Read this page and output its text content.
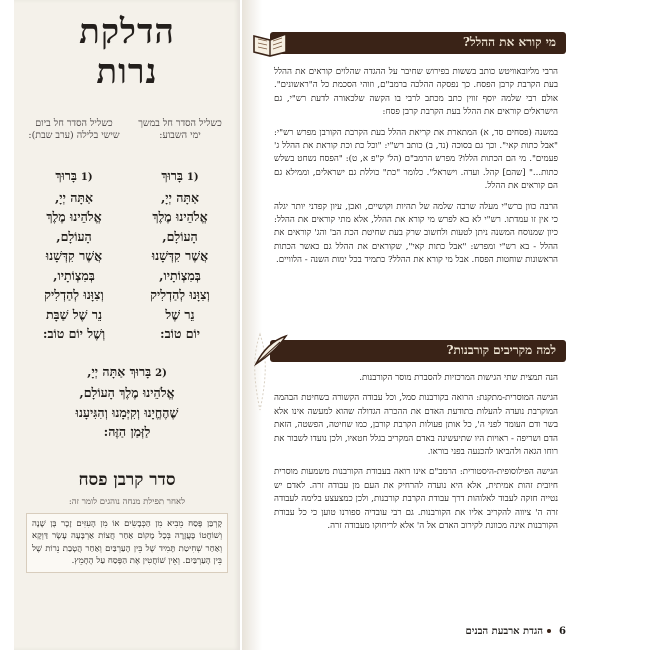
הדלקת
נרות
כשליל הסדר חל במשך ימי השבוע:
(1בָּרוּךְ
אַתָּה יְיָ,
אֱלֹהֵינוּ מֶלֶךְ
הָעוֹלָם,
אֲשֶׁר קִדְּשָׁנוּ
בְּמִצְוֹתָיו,
וְצִוָּנוּ לְהַדְלִיק
נֵר שֶׁל
יוֹם טוֹב:
כשליל הסדר חל ביום שישי בלילה (ערב שבת):
(1בָּרוּךְ
אַתָּה יְיָ,
אֱלֹהֵינוּ מֶלֶךְ
הָעוֹלָם,
אֲשֶׁר קִדְּשָׁנוּ
בְּמִצְוֹתָיו,
וְצִוָּנוּ לְהַדְלִיק
נֵר שֶׁל שַׁבָּת
וְשֶׁל יוֹם טוֹב:
(2בָּרוּךְ אַתָּה יְיָ,
אֱלֹהֵינוּ מֶלֶךְ הָעוֹלָם,
שֶׁהֶחֱיָנוּ וְקִיְּמָנוּ וְהִגִּיעָנוּ
לַזְּמַן הַזֶּה:
סדר קרבן פסח
לאחר תפילת מנחה נוהגים לומר זה:
קָרְבַּן פֶּסַח מֵבִיא מִן הַכְּבָשִׂים אוֹ מִן הָעִזִּים זָכָר בֶּן שָׁנָה וְשׁוֹחֲטוֹ בָּעֲזָרָה בְּכָל מָקוֹם אַחַר חֲצוֹת אַרְבָּעָה עָשָׂר דַּוְקָא וְאַחַר שְׁחִיטַת תָּמִיד שֶׁל בֵּין הָעַרְבַּיִם וְאַחַר הֲטָבַת נֵרוֹת שֶׁל בֵּין הָעַרְבַּיִם. וְאֵין שׁוֹחֲטִין אֶת הַפֶּסַח עַל הֶחָמֵץ.
מי קורא את ההלל?

הרבי מליובאוויטש כותב בששות בפירוש שחיבר על ההגדה שהלוים קוראים את ההלל בעת הקרבת קרבן הפסח. כך נפסקה ההלכה ברמב"ם, וזוהי הסכמת כל ה"ראשונים". אולם רבי שלמה יוסף זווין כתב מכתב לרבי בו הקשה שלכאורה לדעת רש"י, גם הישראלים קוראים את ההלל בעת הקרבת קרבן פסח:

במשנה (פסחים סד, א) המתארת את קריאת ההלל בעת הקרבת הקורבן מפרש רש"י: "אבל כתות קאי". וכך גם בסוכה (נד, ב) כותב רש"י: "וכל כת וכת קוראת את ההלל ג' פעמים". מי הם הכתות הללו? מפרש הרמב"ם (הל' ק"פ א, ט): "הפסח נשחט בשלש כתות..." [שהם] קהל. ועדה. וישראל". כלומר "כת" כוללת גם ישראלים, וממילא גם הם קוראים את ההלל.

הרבה כוון ברש"י מעלה שרבה שלמה של תהיות וקושיים, ואכן, עיון קפדני יותר יגלה כי אין זו עמדתו. רש"י לא בא לפרש מי קורא את ההלל, אלא מתי קוראים את ההלל: כיון שמנוסח המשנה ניתן לטעות ולחשוב שרק בעת שחיטת הכת הב' והג' קוראים את ההלל - בא רש"י ומפרש: "אבל כתות קאי", שקוראים את ההלל גם כאשר הכתות הראשונות שוחטות הפסח. אבל מי קורא את ההלל? כתמיד בכל ימות השנה - הלוויים.

למה מקריבים קורבנות?

הנה תמצית שתי הגישות המרכזיות להסברת מוסר הקורבנות.

הגישה המוסרית-מתקנת: הרואה בקורבנות סמל, וכל עבודה הקשורה בשחיטת הבהמה המוקרבת נועדה להעלות בתודעת האדם את ההכרה הגדולה שהוא למעשה אינו אלא בשר ודם העומד לפני ה', כל אותן פעולות הקרבת קורבן, כמו שחיטה, הפשטה, הזאת הדם ושריפה - ראויות היו שתיעשינה באדם המקריב בגלל חטאיו, ולכן נועדו לשבור את רוחו הגאה ולהביאו להכנעה בפני בוראו.

הגישה הפילוסופית-היסטורית: הרמב"ם אינו רואה בעבודת הקורבנות משמעות מוסרית חיובית זהות אמיתית, אלא היא נועדה להרחיק את העם מן עבודה זרה. לאדם יש נטייה חזקה לעבוד לאלוהות דרך עבודת הקרבת קורבנות, ולכן כמצעצע בלימה לעבודה זרה ה' ציווה להקריב אליו את הקורבנות. גם רבי עובדיה ספורנו טוען כי כל עבודת הקורבנות אינה מכוונת לקירוב האדם אל ה' אלא לריחוקו מעבודה זרה.

6הגדת ארבעת הבנים
